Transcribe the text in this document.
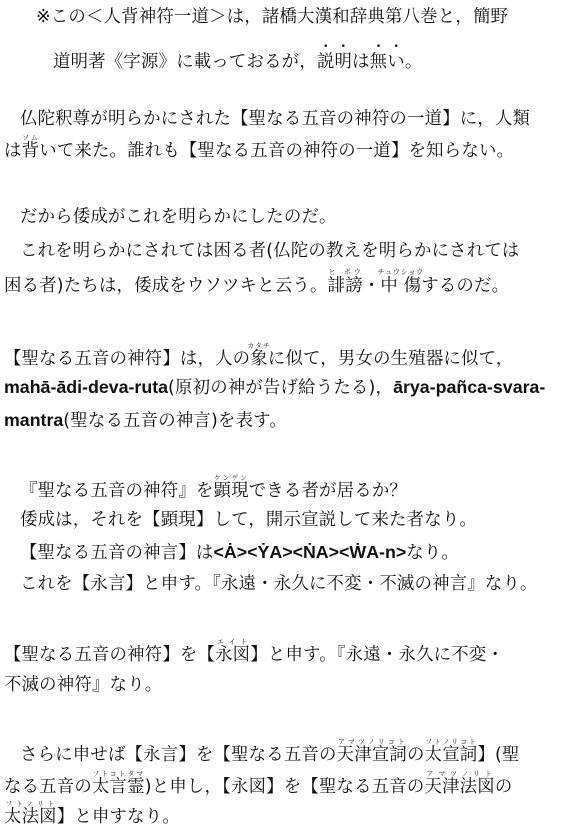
※この＜人背神符一道＞は，諸橋大漢和辞典第八巻と，簡野
道明著《字源》に載っておるが，説明は無い。
仏陀釈尊が明らかにされた【聖なる五音の神符の一道】に，人類
は背ソムいて来た。誰れも【聖なる五音の神符の一道】を知らない。
だから倭成がこれを明らかにしたのだ。
これを明らかにされては困る者(仏陀の教えを明らかにされては
困る者)たちは，倭成をウソツキと云う。誹謗ヒ ボウ・中傷チュウショウするのだ。
【聖なる五音の神符】は，人の象カタチに似て，男女の生殖器に似て，
mahā-ādi-deva-ruta(原初の神が告げ給うたる)，ārya-pañca-svara-
mantra(聖なる五音の神言)を表す。
『聖なる五音の神符』を顕現ケンゲンできる者が居るか？
倭成は，それを【顕現】して，開示宣説して来た者なり。
【聖なる五音の神言】は<Ȧ><ẎA><ṄA><ẆA-n>なり。
これを【永言】と申す。『永遠・永久に不変・不滅の神言』なり。
【聖なる五音の神符】を【永図エイト】と申す。『永遠・永久に不変・
不滅の神符』なり。
さらに申せば【永言】を【聖なる五音の天津宣詞アマツノリコトの太宣詞フトノリコト】(聖
なる五音の太言霊フトコトタマ)と申し，【永図】を【聖なる五音の天津法図アマツノリトの
太法図フトノリト】と申すなり。
